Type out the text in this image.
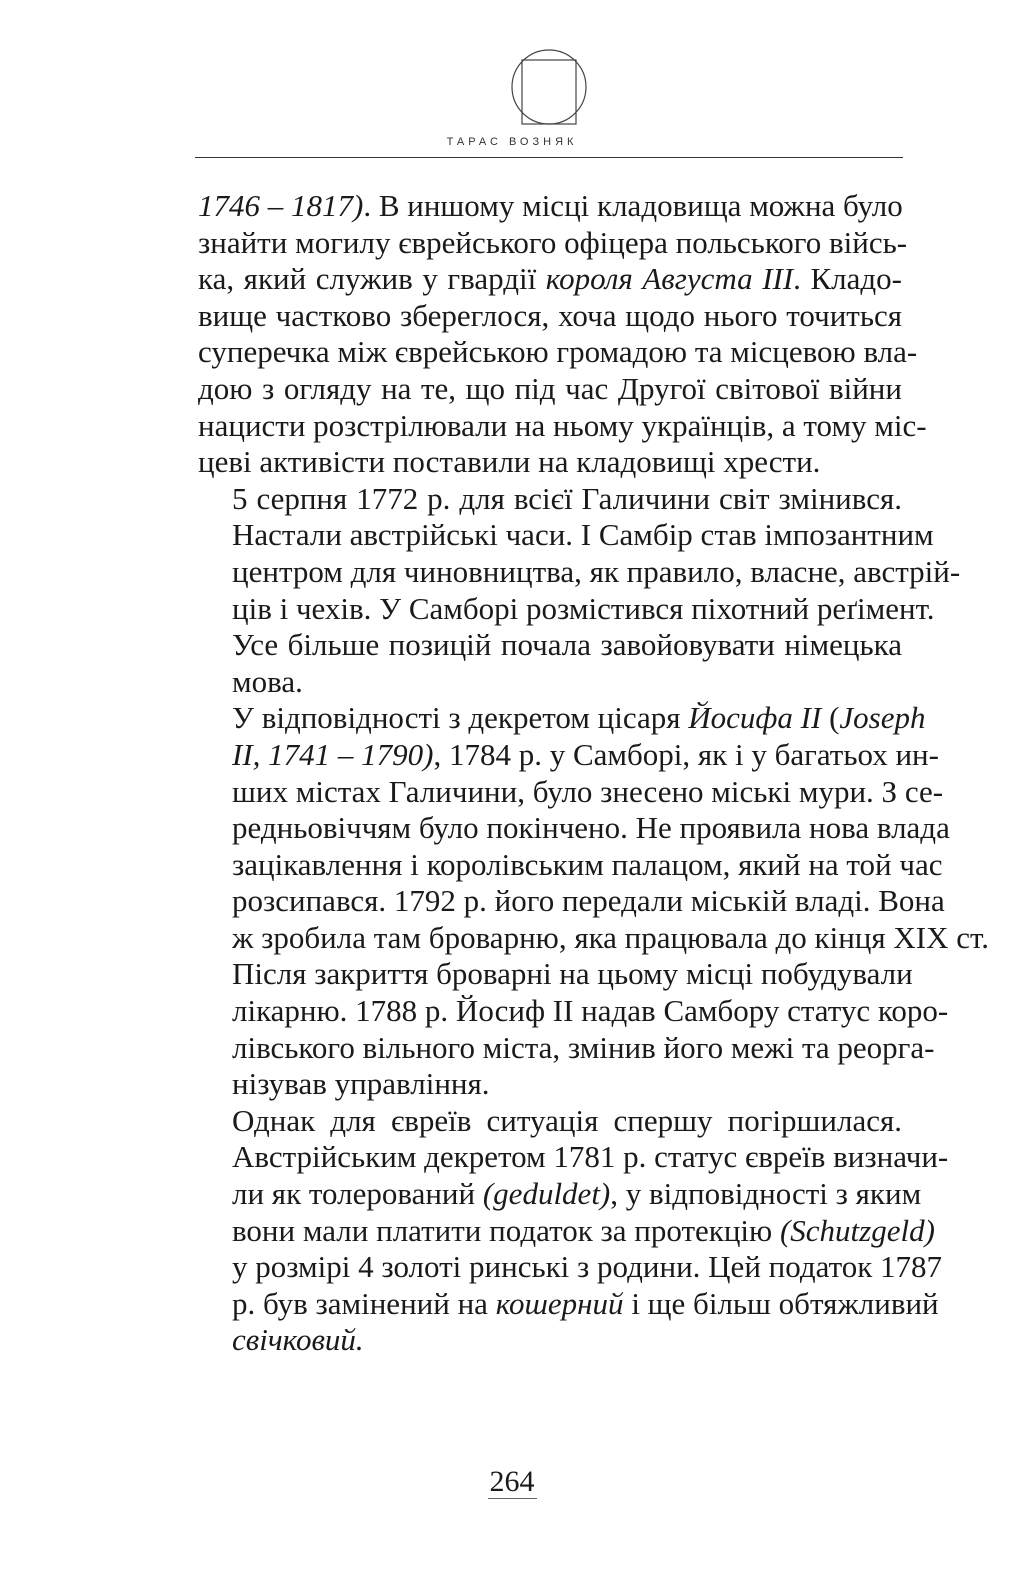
ТАРАС ВОЗНЯК

1746 – 1817). В иншому місці кладовища можна було
знайти могилу єврейського офіцера польського війсь-
ка, який служив у гвардії короля Августа III. Кладо-
вище частково збереглося, хоча щодо нього точиться
суперечка між єврейською громадою та місцевою вла-
дою з огляду на те, що під час Другої світової війни
нацисти розстрілювали на ньому українців, а тому міс-
цеві активісти поставили на кладовищі хрести.

5 серпня 1772 р. для всієї Галичини світ змінився.
Настали австрійські часи. І Самбір став імпозантним
центром для чиновництва, як правило, власне, австрій-
ців і чехів. У Самборі розмістився піхотний реґімент.
Усе більше позицій почала завойовувати німецька
мова.

У відповідності з декретом цісаря Йосифа II (Joseph
II, 1741 – 1790), 1784 р. у Самборі, як і у багатьох ин-
ших містах Галичини, було знесено міські мури. З се-
редньовіччям було покінчено. Не проявила нова влада
зацікавлення і королівським палацом, який на той час
розсипався. 1792 р. його передали міській владі. Вона
ж зробила там броварню, яка працювала до кінця XIX ст.
Після закриття броварні на цьому місці побудували
лікарню. 1788 р. Йосиф II надав Самбору статус коро-
лівського вільного міста, змінив його межі та реорга-
нізував управління.

Однак для євреїв ситуація спершу погіршилася.
Австрійським декретом 1781 р. статус євреїв визначи-
ли як толерований (geduldet), у відповідності з яким
вони мали платити податок за протекцію (Schutzgeld)
у розмірі 4 золоті ринські з родини. Цей податок 1787
р. був замінений на кошерний і ще більш обтяжливий
свічковий.

264
